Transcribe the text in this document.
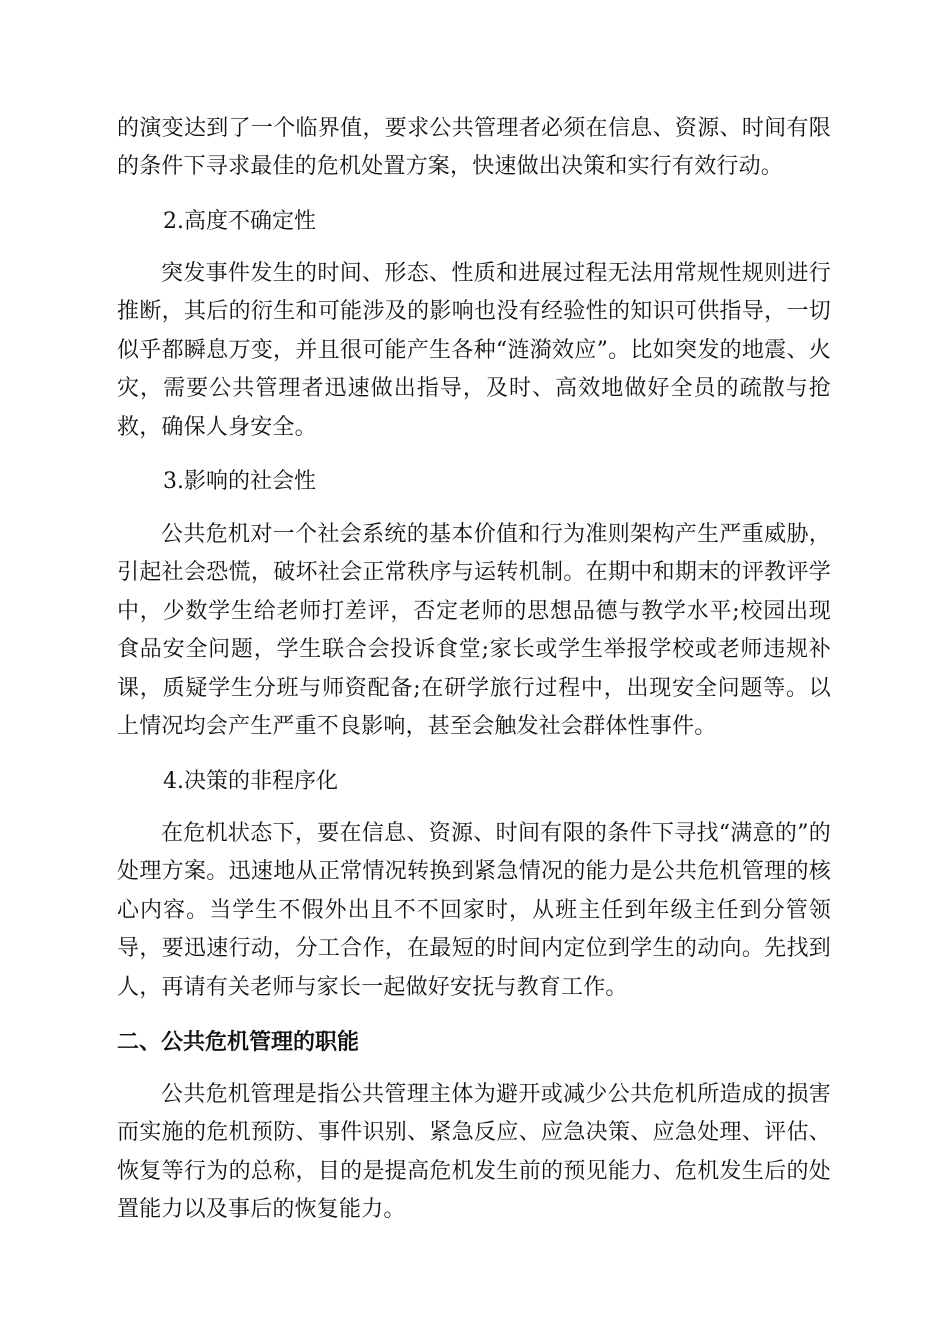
的演变达到了一个临界值，要求公共管理者必须在信息、资源、时间有限的条件下寻求最佳的危机处置方案，快速做出决策和实行有效行动。

2.高度不确定性

突发事件发生的时间、形态、性质和进展过程无法用常规性规则进行推断，其后的衍生和可能涉及的影响也没有经验性的知识可供指导，一切似乎都瞬息万变，并且很可能产生各种“涟漪效应”。比如突发的地震、火灾，需要公共管理者迅速做出指导，及时、高效地做好全员的疏散与抢救，确保人身安全。

3.影响的社会性

公共危机对一个社会系统的基本价值和行为准则架构产生严重威胁，引起社会恐慌，破坏社会正常秩序与运转机制。在期中和期末的评教评学中，少数学生给老师打差评，否定老师的思想品德与教学水平;校园出现食品安全问题，学生联合会投诉食堂;家长或学生举报学校或老师违规补课，质疑学生分班与师资配备;在研学旅行过程中，出现安全问题等。以上情况均会产生严重不良影响，甚至会触发社会群体性事件。

4.决策的非程序化

在危机状态下，要在信息、资源、时间有限的条件下寻找“满意的”的处理方案。迅速地从正常情况转换到紧急情况的能力是公共危机管理的核心内容。当学生不假外出且不不回家时，从班主任到年级主任到分管领导，要迅速行动，分工合作，在最短的时间内定位到学生的动向。先找到人，再请有关老师与家长一起做好安抚与教育工作。

二、公共危机管理的职能

公共危机管理是指公共管理主体为避开或减少公共危机所造成的损害而实施的危机预防、事件识别、紧急反应、应急决策、应急处理、评估、恢复等行为的总称，目的是提高危机发生前的预见能力、危机发生后的处置能力以及事后的恢复能力。
